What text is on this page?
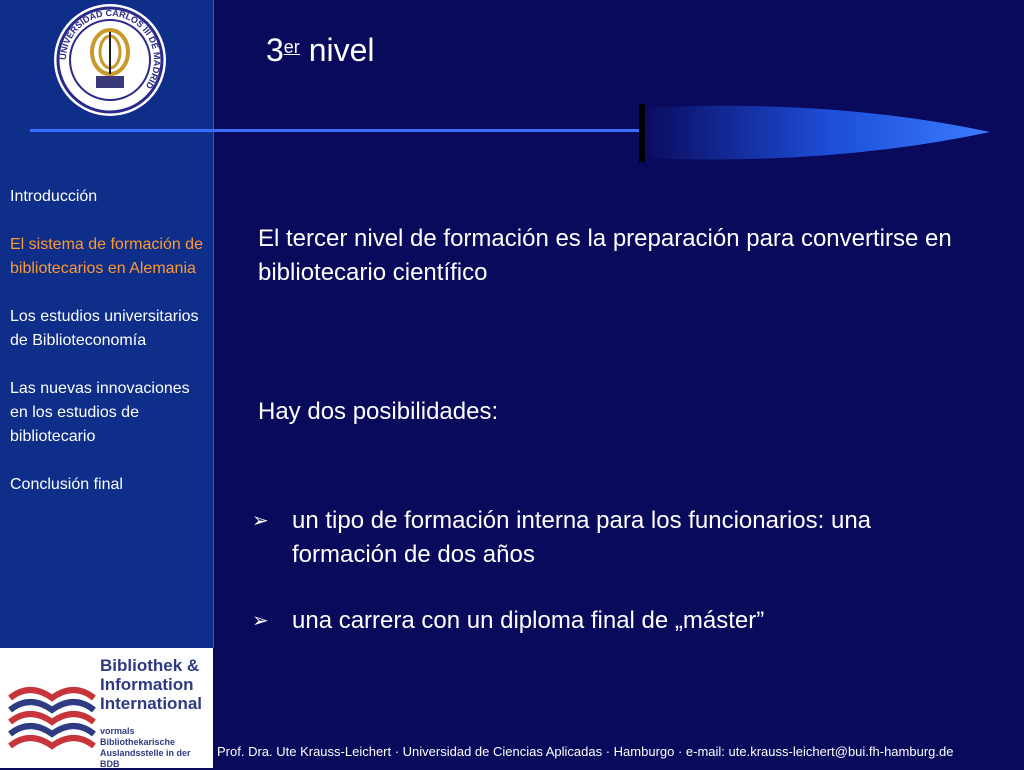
UNIVERSIDAD CARLOS III DE MADRID
Introducción
El sistema de formación de bibliotecarios en Alemania
Los estudios universitarios de Biblioteconomía
Las nuevas innovaciones en los estudios de bibliotecario
Conclusión final
Bibliothek &
Information
International
vormals Bibliothekarische Auslandsstelle in der BDB
3er nivel
El tercer nivel de formación es la preparación para convertirse en bibliotecario científico
Hay dos posibilidades:
➢ un tipo de formación interna para los funcionarios: una formación de dos años
➢ una carrera con un diploma final de „máster”
Prof. Dra. Ute Krauss-Leichert · Universidad de Ciencias Aplicadas · Hamburgo · e-mail: ute.krauss-leichert@bui.fh-hamburg.de
